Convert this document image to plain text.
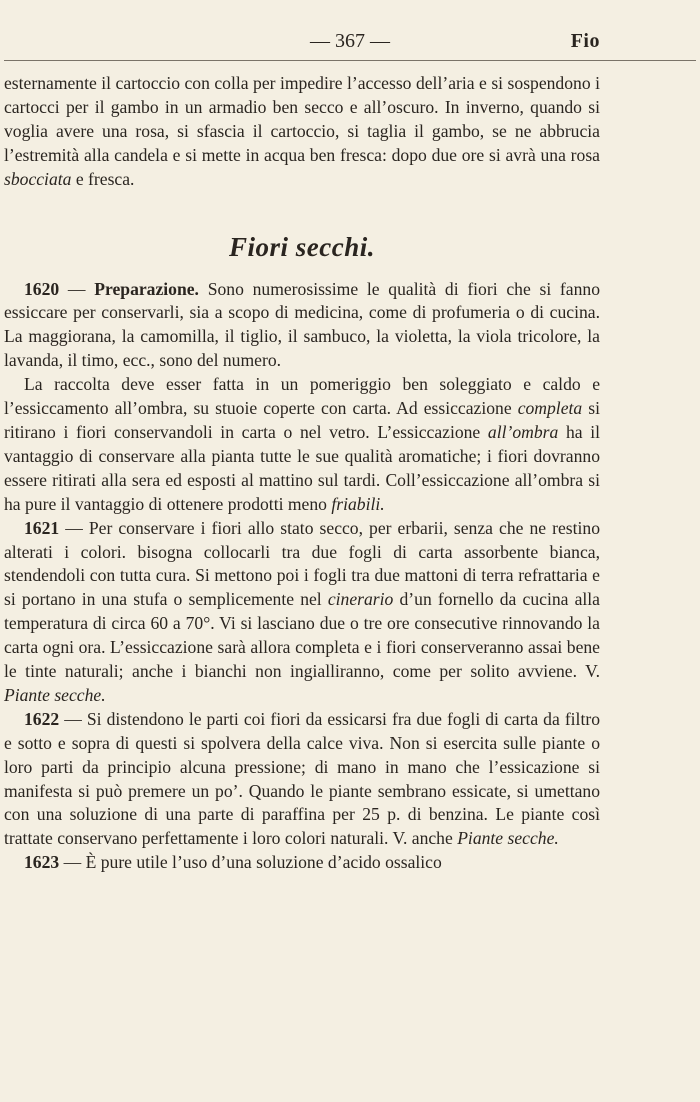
— 367 —	Fio

esternamente il cartoccio con colla per impedire l’accesso dell’aria e si sospendono i cartocci per il gambo in un armadio ben secco e all’oscuro. In inverno, quando si voglia avere una rosa, si sfascia il cartoccio, si taglia il gambo, se ne abbrucia l’estremità alla candela e si mette in acqua ben fresca: dopo due ore si avrà una rosa sbocciata e fresca.

Fiori secchi.

1620 — Preparazione. Sono numerosissime le qualità di fiori che si fanno essiccare per conservarli, sia a scopo di medicina, come di profumeria o di cucina. La maggiorana, la camomilla, il tiglio, il sambuco, la violetta, la viola tricolore, la lavanda, il timo, ecc., sono del numero.

La raccolta deve esser fatta in un pomeriggio ben soleggiato e caldo e l’essiccamento all’ombra, su stuoie coperte con carta. Ad essiccazione completa si ritirano i fiori conservandoli in carta o nel vetro. L’essiccazione all’ombra ha il vantaggio di conservare alla pianta tutte le sue qualità aromatiche; i fiori dovranno essere ritirati alla sera ed esposti al mattino sul tardi. Coll’essiccazione all’ombra si ha pure il vantaggio di ottenere prodotti meno friabili.

1621 — Per conservare i fiori allo stato secco, per erbarii, senza che ne restino alterati i colori. bisogna collocarli tra due fogli di carta assorbente bianca, stendendoli con tutta cura. Si mettono poi i fogli tra due mattoni di terra refrattaria e si portano in una stufa o semplicemente nel cinerario d’un fornello da cucina alla temperatura di circa 60 a 70°. Vi si lasciano due o tre ore consecutive rinnovando la carta ogni ora. L’essiccazione sarà allora completa e i fiori conserveranno assai bene le tinte naturali; anche i bianchi non ingialliranno, come per solito avviene. V. Piante secche.

1622 — Si distendono le parti coi fiori da essicarsi fra due fogli di carta da filtro e sotto e sopra di questi si spolvera della calce viva. Non si esercita sulle piante o loro parti da principio alcuna pressione; di mano in mano che l’essicazione si manifesta si può premere un po’. Quando le piante sembrano essicate, si umettano con una soluzione di una parte di paraffina per 25 p. di benzina. Le piante così trattate conservano perfettamente i loro colori naturali. V. anche Piante secche.

1623 — È pure utile l’uso d’una soluzione d’acido ossalico
